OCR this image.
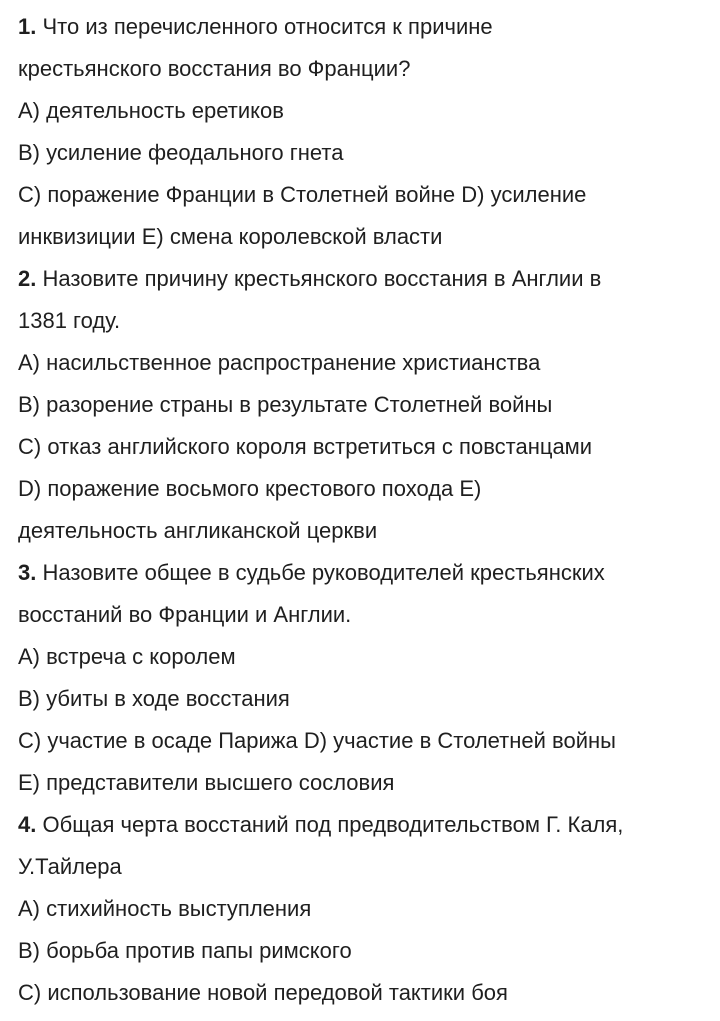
1. Что из перечисленного относится к причине
крестьянского восстания во Франции?
A) деятельность еретиков
B) усиление феодального гнета
C) поражение Франции в Столетней войне D) усиление
инквизиции E) смена королевской власти
2. Назовите причину крестьянского восстания в Англии в
1381 году.
A) насильственное распространение христианства
B) разорение страны в результате Столетней войны
C) отказ английского короля встретиться с повстанцами
D) поражение восьмого крестового похода E)
деятельность англиканской церкви
3. Назовите общее в судьбе руководителей крестьянских
восстаний во Франции и Англии.
A) встреча с королем
B) убиты в ходе восстания
C) участие в осаде Парижа D) участие в Столетней войны
E) представители высшего сословия
4. Общая черта восстаний под предводительством Г. Каля,
У.Тайлера
A) стихийность выступления
B) борьба против папы римского
C) использование новой передовой тактики боя
